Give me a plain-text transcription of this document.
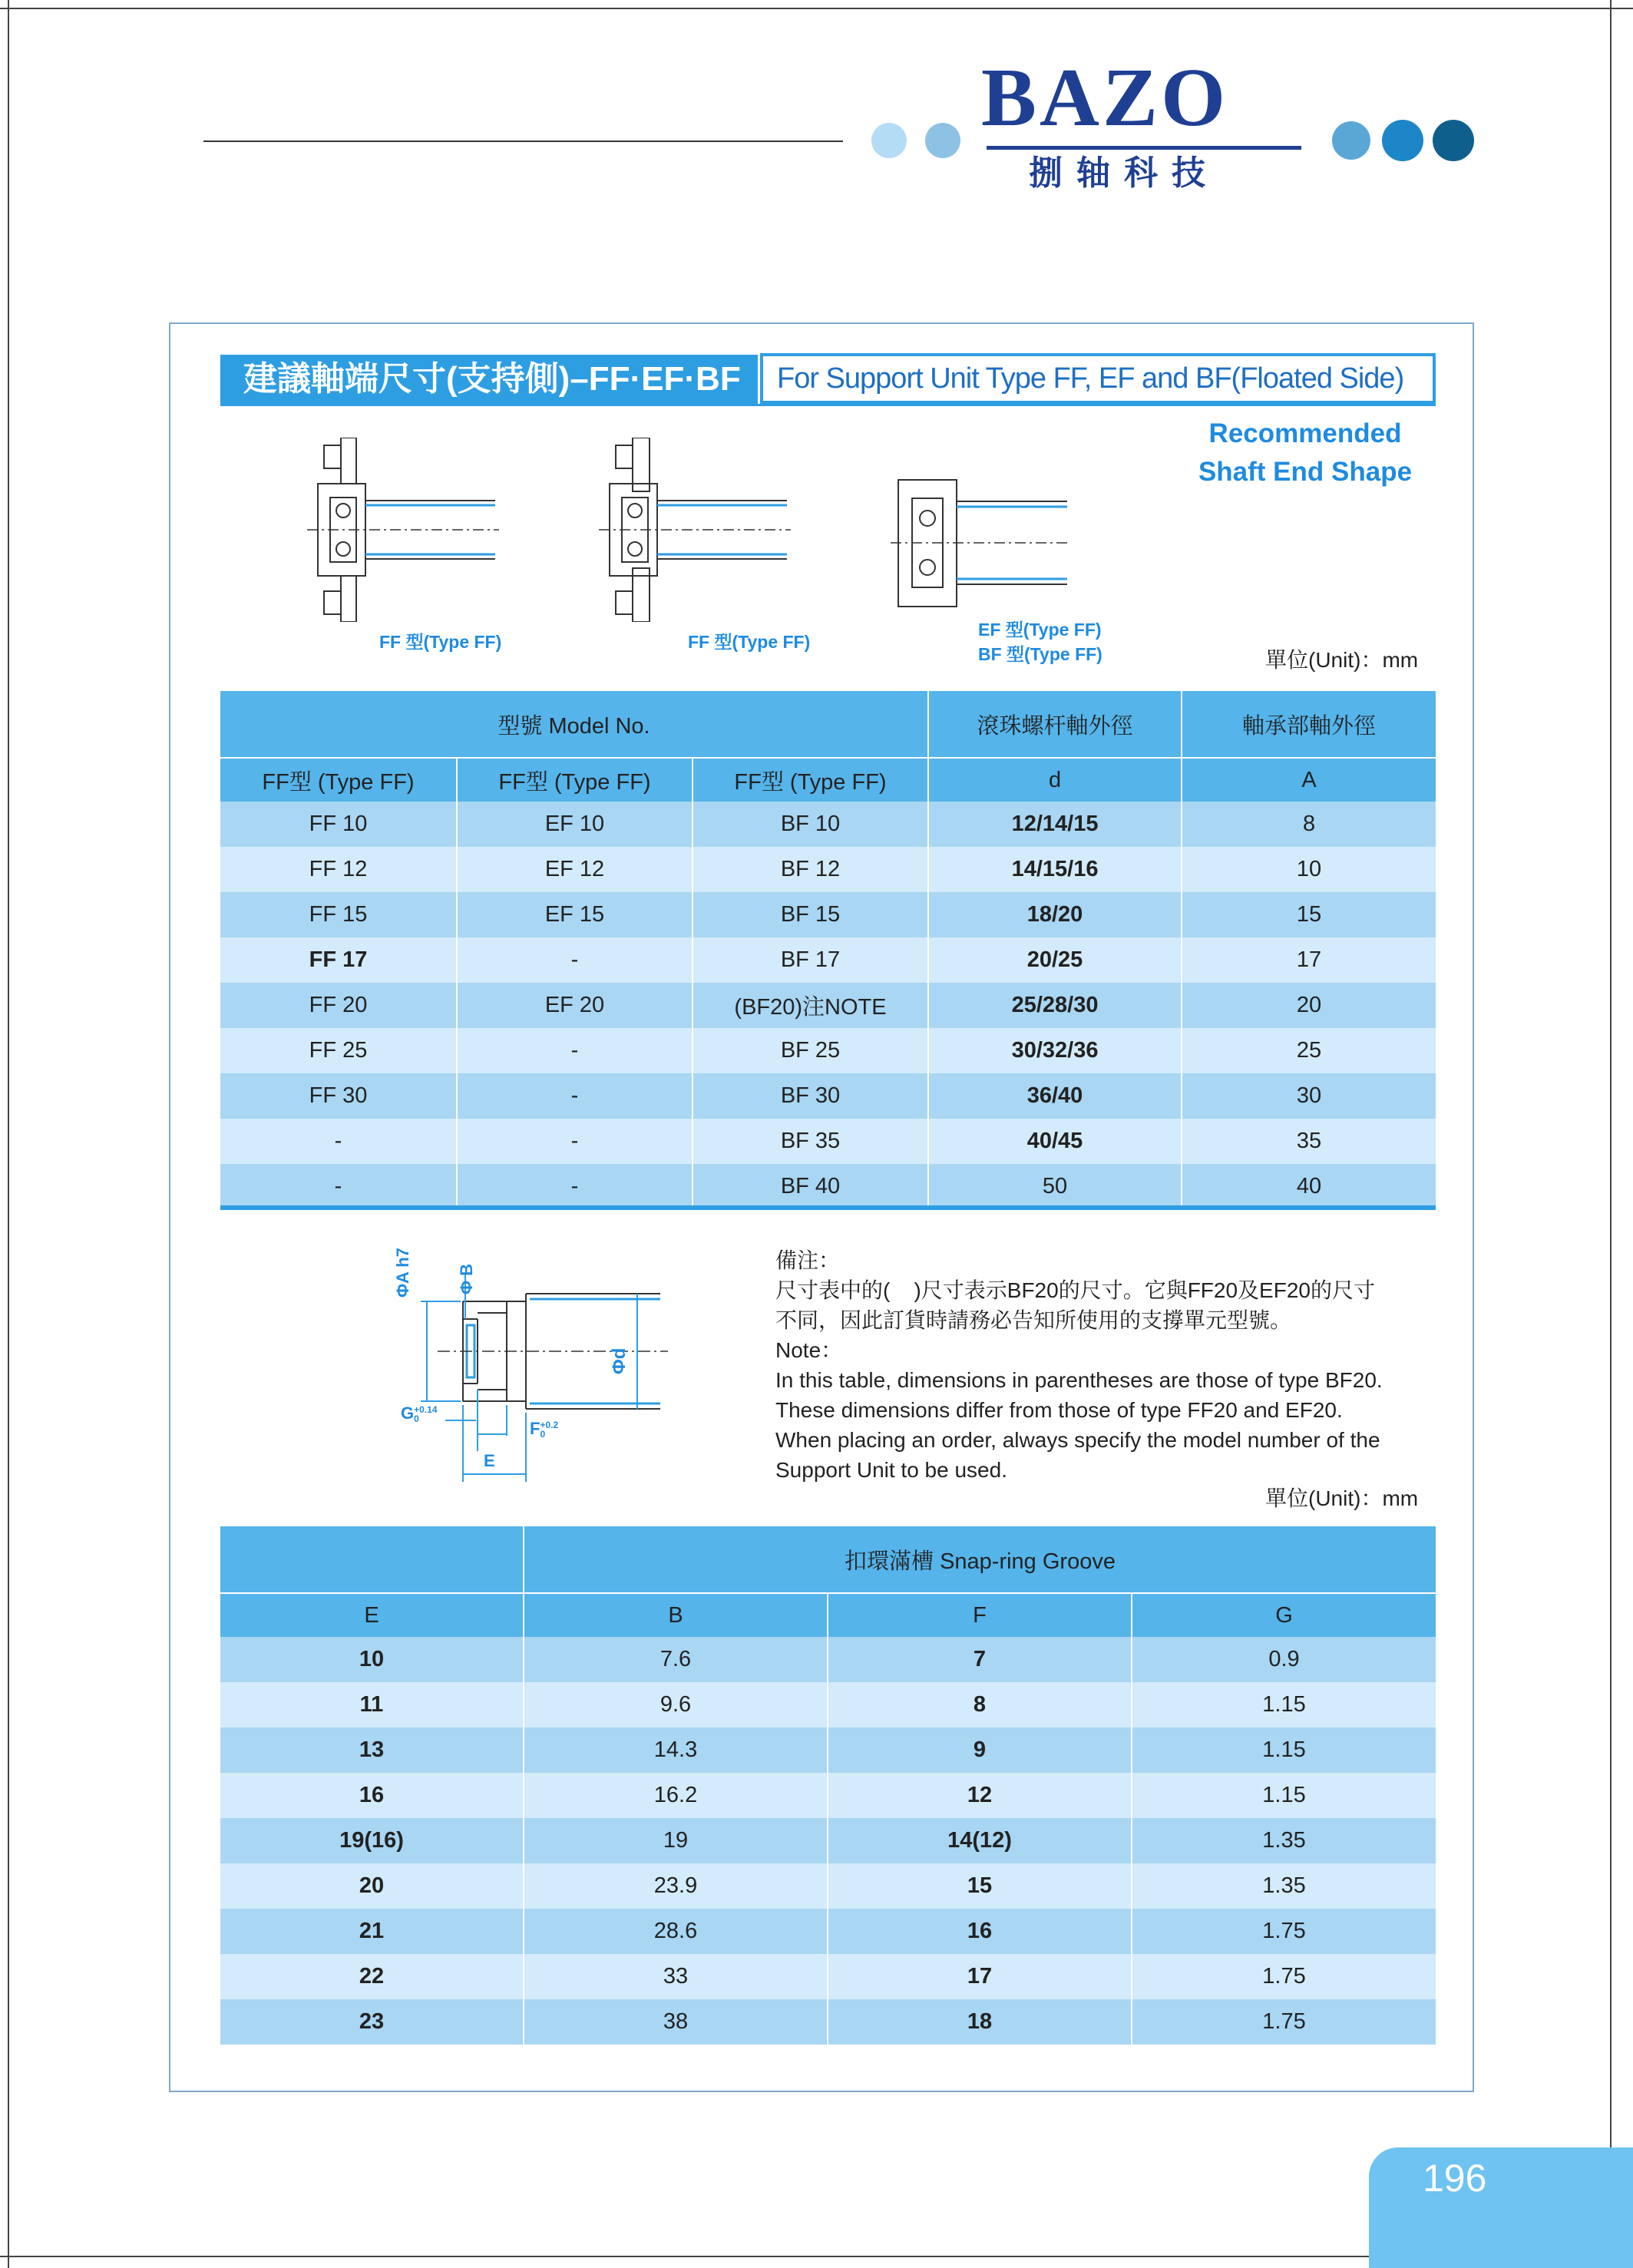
BAZO
捌轴科技
建議軸端尺寸(支持側)–FF·EF·BF	For Support Unit Type FF, EF and BF(Floated Side)
Recommended
Shaft End Shape
FF 型(Type FF)	FF 型(Type FF)
EF 型(Type FF)
BF 型(Type FF)	單位(Unit)：mm
型號 Model No.			滾珠螺杆軸外徑	軸承部軸外徑
FF型 (Type FF)	FF型 (Type FF)	FF型 (Type FF)	d	A
FF 10	EF 10	BF 10	12/14/15	8
FF 12	EF 12	BF 12	14/15/16	10
FF 15	EF 15	BF 15	18/20	15
FF 17	-	BF 17	20/25	17
FF 20	EF 20	(BF20)注NOTE	25/28/30	20
FF 25	-	BF 25	30/32/36	25
FF 30	-	BF 30	36/40	30
-	-	BF 35	40/45	35
-	-	BF 40	50	40
ΦA h7	Φ B
Φd
G +0.14
0	F +0.2
0
E
備注：
尺寸表中的(    )尺寸表示BF20的尺寸。它與FF20及EF20的尺寸
不同，因此訂貨時請務必告知所使用的支撐單元型號。
Note：
In this table, dimensions in parentheses are those of type BF20.
These dimensions differ from those of type FF20 and EF20.
When placing an order, always specify the model number of the
Support Unit to be used.
單位(Unit)：mm
	扣環滿槽 Snap-ring Groove		
E	B	F	G
10	7.6	7	0.9
11	9.6	8	1.15
13	14.3	9	1.15
16	16.2	12	1.15
19(16)	19	14(12)	1.35
20	23.9	15	1.35
21	28.6	16	1.75
22	33	17	1.75
23	38	18	1.75
196
